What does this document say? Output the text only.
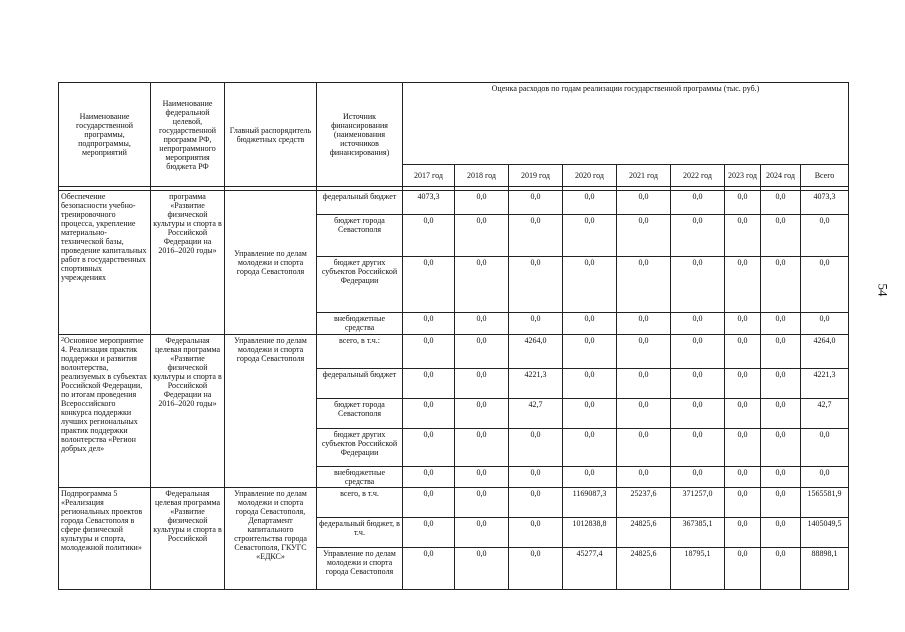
54
Наименование государственной программы, подпрограммы, мероприятий	Наименование федеральной целевой, государственной программ РФ, непрограммного мероприятия бюджета РФ	Главный распорядитель бюджетных средств	Источник финансирования (наименования источников финансирования)	Оценка расходов по годам реализации государственной программы (тыс. руб.)								
				2017 год	2018 год	2019 год	2020 год	2021 год	2022 год	2023 год	2024 год	Всего

Обеспечение безопасности учебно-тренировочного процесса, укрепление материально-технической базы, проведение капитальных работ в государственных спортивных учреждениях	программа «Развитие физической культуры и спорта в Российской Федерации на 2016–2020 годы»	Управление по делам молодежи и спорта города Севастополя	федеральный бюджет	4073,3	0,0	0,0	0,0	0,0	0,0	0,0	0,0	4073,3
			бюджет города Севастополя	0,0	0,0	0,0	0,0	0,0	0,0	0,0	0,0	0,0
			бюджет других субъектов Российской Федерации	0,0	0,0	0,0	0,0	0,0	0,0	0,0	0,0	0,0
			внебюджетные средства	0,0	0,0	0,0	0,0	0,0	0,0	0,0	0,0	0,0
$^2$Основное мероприятие 4. Реализация практик поддержки и развития волонтерства, реализуемых в субъектах Российской Федерации, по итогам проведения Всероссийского конкурса поддержки лучших региональных практик поддержки волонтерства «Регион добрых дел»	Федеральная целевая программа «Развитие физической культуры и спорта в Российской Федерации на 2016–2020 годы»	Управление по делам молодежи и спорта города Севастополя	всего, в т.ч.:	0,0	0,0	4264,0	0,0	0,0	0,0	0,0	0,0	4264,0
			федеральный бюджет	0,0	0,0	4221,3	0,0	0,0	0,0	0,0	0,0	4221,3
			бюджет города Севастополя	0,0	0,0	42,7	0,0	0,0	0,0	0,0	0,0	42,7
			бюджет других субъектов Российской Федерации	0,0	0,0	0,0	0,0	0,0	0,0	0,0	0,0	0,0
			внебюджетные средства	0,0	0,0	0,0	0,0	0,0	0,0	0,0	0,0	0,0
Подпрограмма 5 «Реализация региональных проектов города Севастополя в сфере физической культуры и спорта, молодежной политики»	Федеральная целевая программа «Развитие физической культуры и спорта в Российской	Управление по делам молодежи и спорта города Севастополя, Департамент капитального строительства города Севастополя, ГКУГС «ЕДКС»	всего, в т.ч.	0,0	0,0	0,0	1169087,3	25237,6	371257,0	0,0	0,0	1565581,9
			федеральный бюджет, в т.ч.	0,0	0,0	0,0	1012838,8	24825,6	367385,1	0,0	0,0	1405049,5
			Управление по делам молодежи и спорта города Севастополя	0,0	0,0	0,0	45277,4	24825,6	18795,1	0,0	0,0	88898,1
